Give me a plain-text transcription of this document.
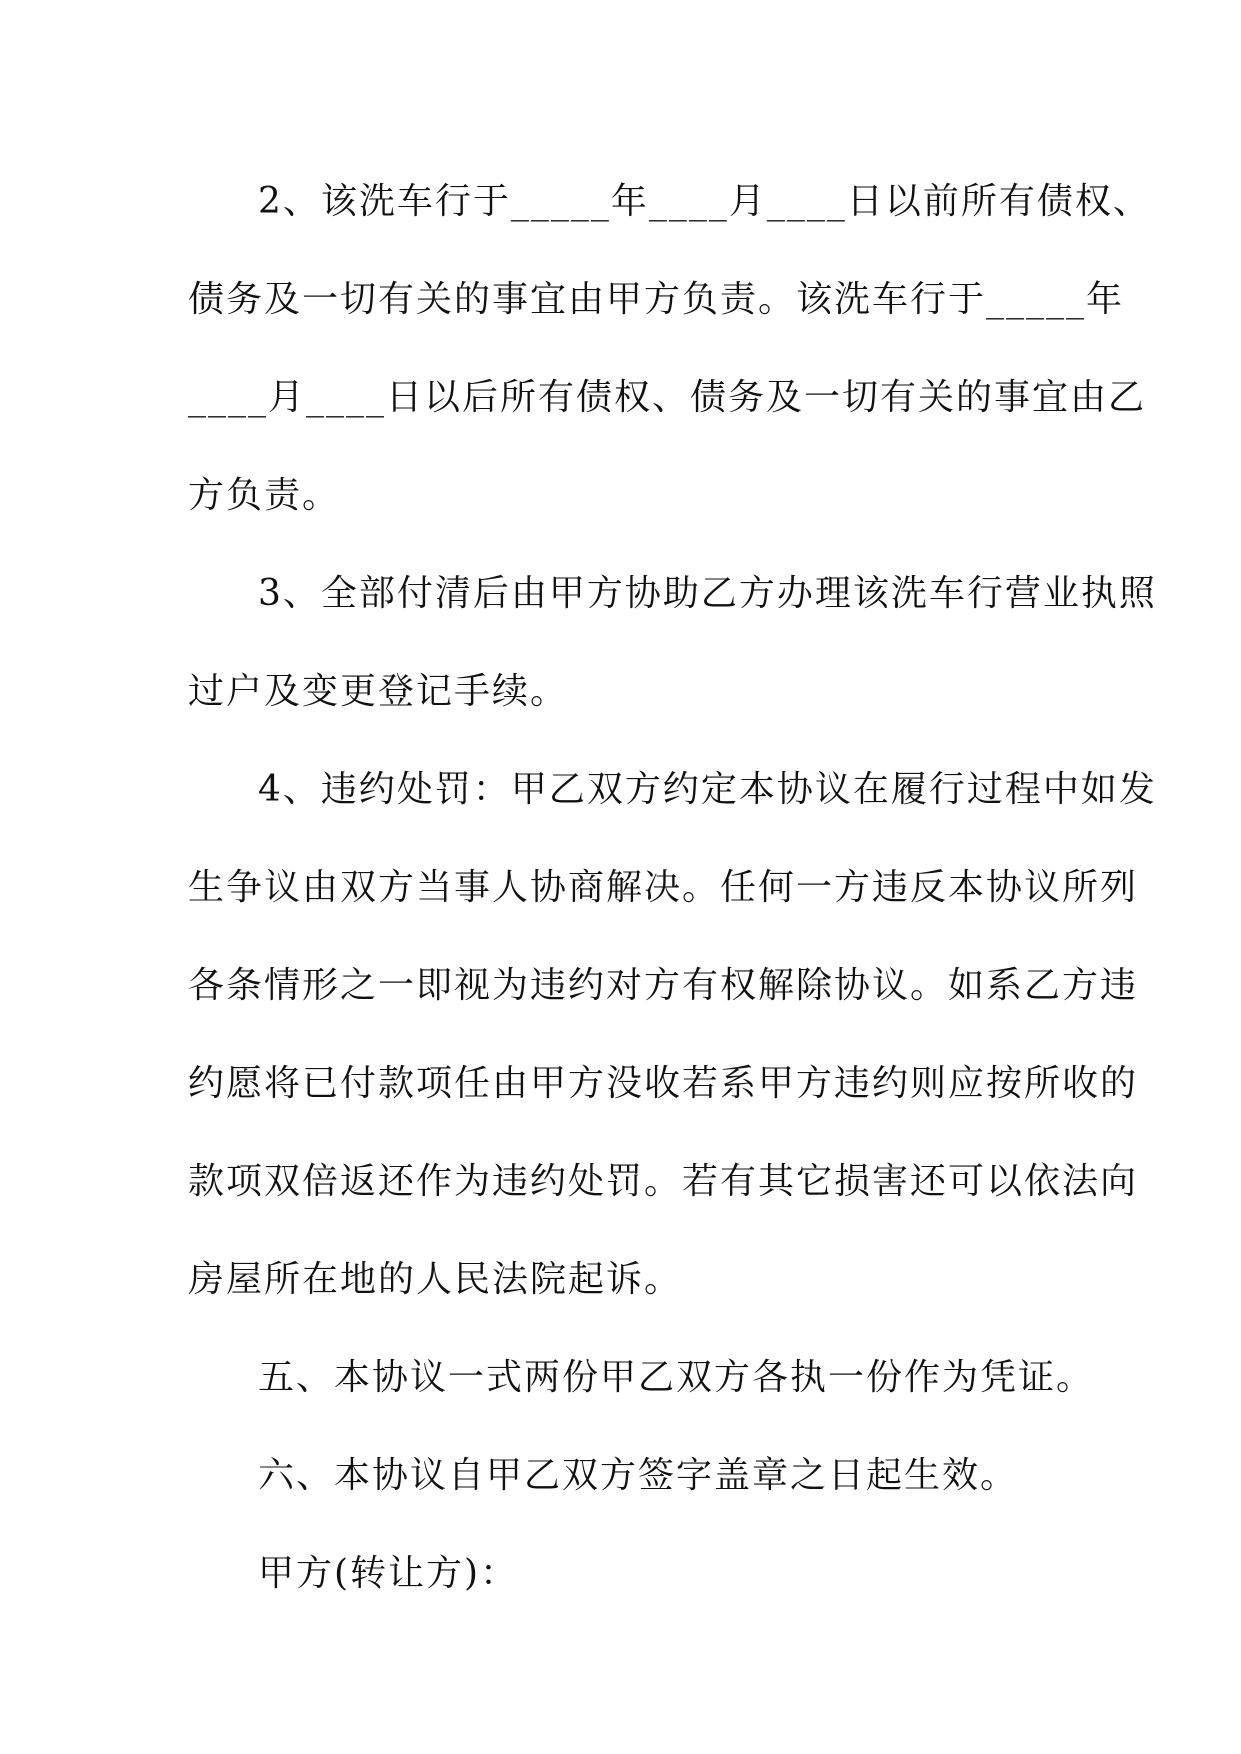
2、该洗车行于_____年____月____日以前所有债权、
债务及一切有关的事宜由甲方负责。该洗车行于_____年
____月____日以后所有债权、债务及一切有关的事宜由乙
方负责。
3、全部付清后由甲方协助乙方办理该洗车行营业执照
过户及变更登记手续。
4、违约处罚：甲乙双方约定本协议在履行过程中如发
生争议由双方当事人协商解决。任何一方违反本协议所列
各条情形之一即视为违约对方有权解除协议。如系乙方违
约愿将已付款项任由甲方没收若系甲方违约则应按所收的
款项双倍返还作为违约处罚。若有其它损害还可以依法向
房屋所在地的人民法院起诉。
五、本协议一式两份甲乙双方各执一份作为凭证。
六、本协议自甲乙双方签字盖章之日起生效。
甲方(转让方)：
